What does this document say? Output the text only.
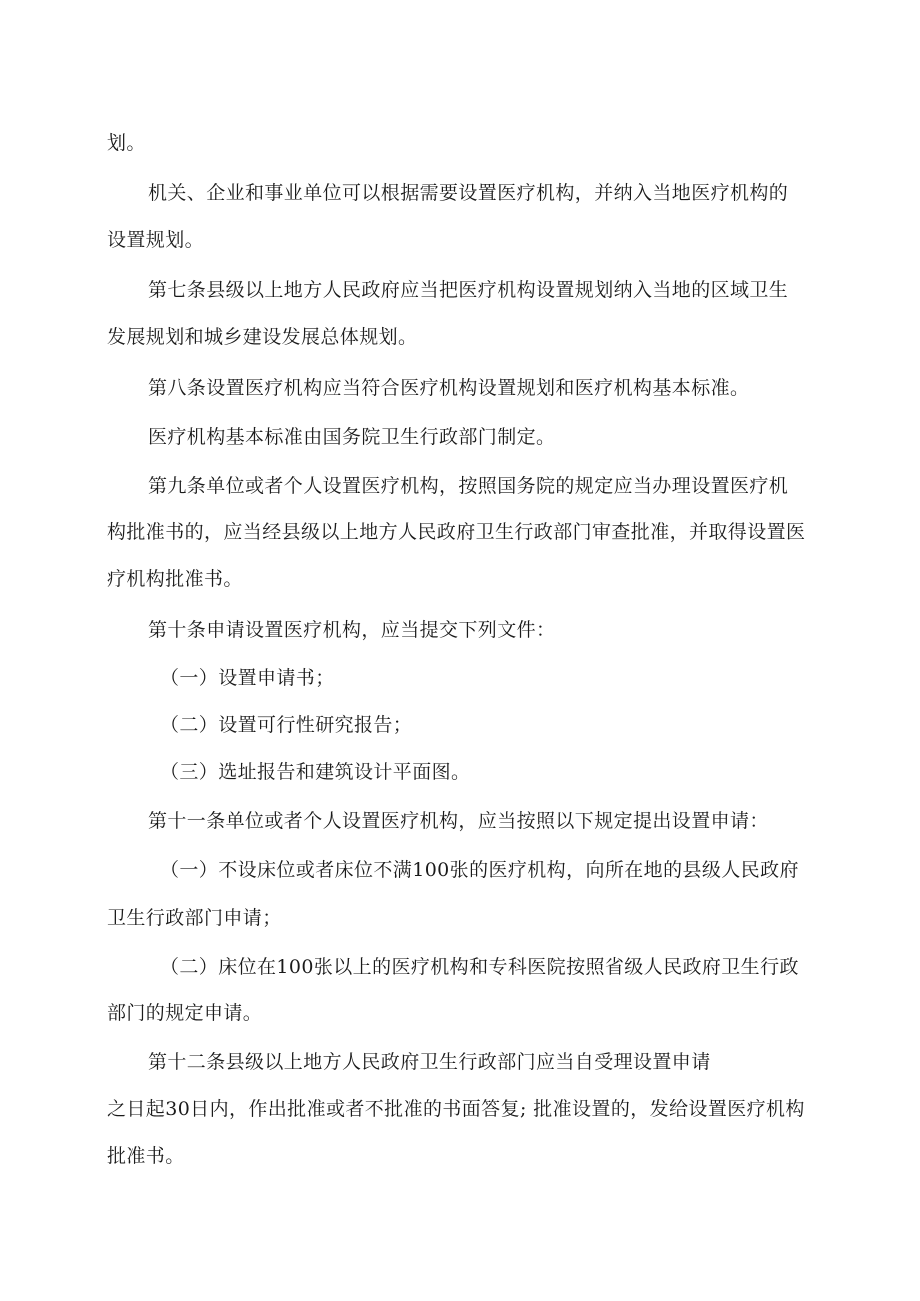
划。
机关、企业和事业单位可以根据需要设置医疗机构，并纳入当地医疗机构的
设置规划。
第七条县级以上地方人民政府应当把医疗机构设置规划纳入当地的区域卫生
发展规划和城乡建设发展总体规划。
第八条设置医疗机构应当符合医疗机构设置规划和医疗机构基本标准。
医疗机构基本标准由国务院卫生行政部门制定。
第九条单位或者个人设置医疗机构，按照国务院的规定应当办理设置医疗机
构批准书的，应当经县级以上地方人民政府卫生行政部门审查批准，并取得设置医
疗机构批准书。
第十条申请设置医疗机构，应当提交下列文件：
（一）设置申请书；
（二）设置可行性研究报告；
（三）选址报告和建筑设计平面图。
第十一条单位或者个人设置医疗机构，应当按照以下规定提出设置申请：
（一）不设床位或者床位不满100张的医疗机构，向所在地的县级人民政府
卫生行政部门申请；
（二）床位在100张以上的医疗机构和专科医院按照省级人民政府卫生行政
部门的规定申请。
第十二条县级以上地方人民政府卫生行政部门应当自受理设置申请
之日起30日内，作出批准或者不批准的书面答复; 批准设置的，发给设置医疗机构
批准书。
